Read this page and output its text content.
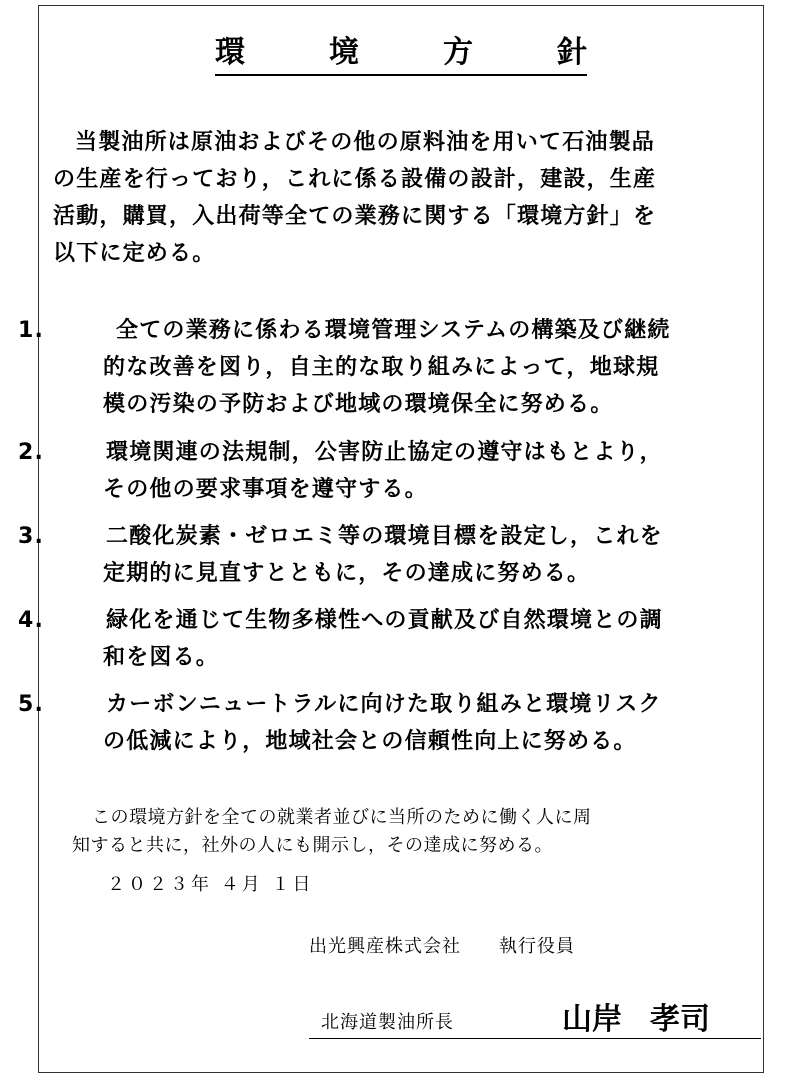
環	境	方	針
当製油所は原油およびその他の原料油を用いて石油製品
の生産を行っており，これに係る設備の設計，建設，生産
活動，購買，入出荷等全ての業務に関する「環境方針」を
以下に定める。
1.	全ての業務に係わる環境管理システムの構築及び継続
的な改善を図り，自主的な取り組みによって，地球規
模の汚染の予防および地域の環境保全に努める。
2.	環境関連の法規制，公害防止協定の遵守はもとより，
その他の要求事項を遵守する。
3.	二酸化炭素・ゼロエミ等の環境目標を設定し，これを
定期的に見直すとともに，その達成に努める。
4.	緑化を通じて生物多様性への貢献及び自然環境との調
和を図る。
5.	カーボンニュートラルに向けた取り組みと環境リスク
の低減により，地域社会との信頼性向上に努める。
この環境方針を全ての就業者並びに当所のために働く人に周
知すると共に，社外の人にも開示し，その達成に努める。
２０２３年 ４月 １日
出光興産株式会社 執行役員
北海道製油所長	山岸 孝司
